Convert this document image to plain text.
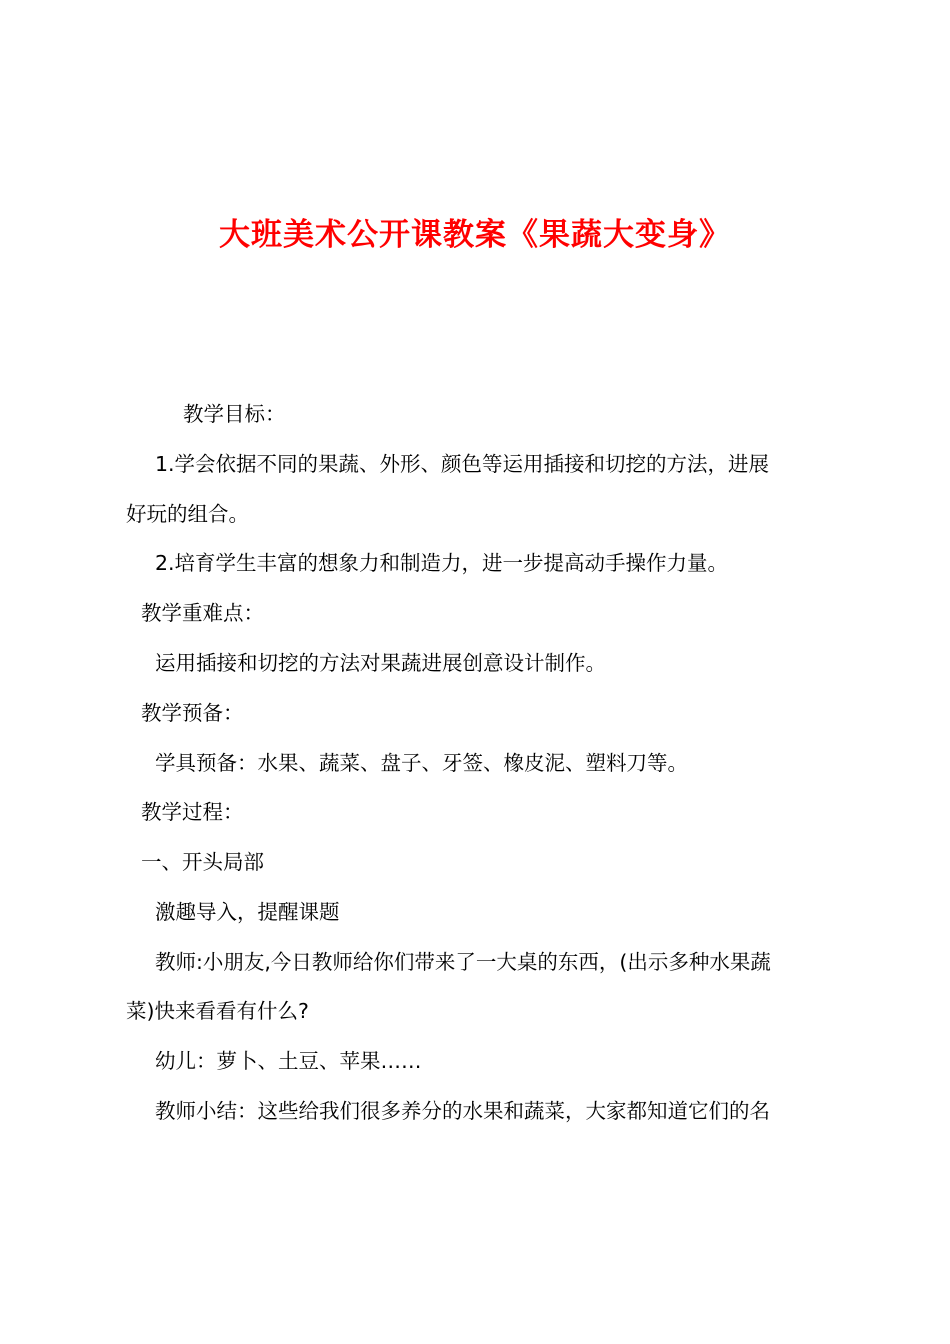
大班美术公开课教案《果蔬大变身》
教学目标：
1.学会依据不同的果蔬、外形、颜色等运用插接和切挖的方法，进展
好玩的组合。
2.培育学生丰富的想象力和制造力，进一步提高动手操作力量。
教学重难点：
运用插接和切挖的方法对果蔬进展创意设计制作。
教学预备：
学具预备：水果、蔬菜、盘子、牙签、橡皮泥、塑料刀等。
教学过程：
一、开头局部
激趣导入，提醒课题
教师:小朋友,今日教师给你们带来了一大桌的东西，(出示多种水果蔬
菜)快来看看有什么?
幼儿：萝卜、土豆、苹果……
教师小结：这些给我们很多养分的水果和蔬菜，大家都知道它们的名
